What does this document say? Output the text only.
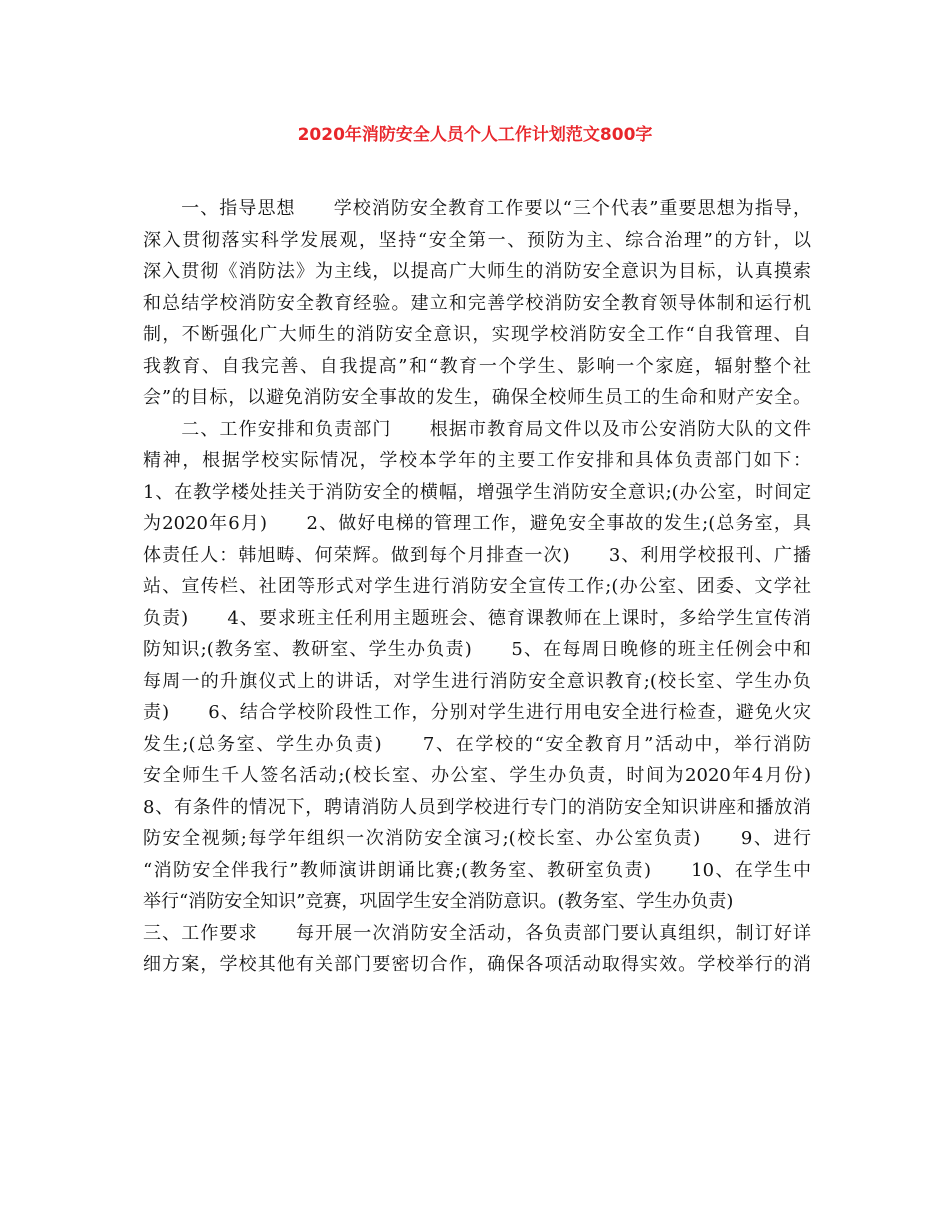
2020年消防安全人员个人工作计划范文800字
　　一、指导思想　　学校消防安全教育工作要以“三个代表”重要思想为指导，
深入贯彻落实科学发展观，坚持“安全第一、预防为主、综合治理”的方针，以
深入贯彻《消防法》为主线，以提高广大师生的消防安全意识为目标，认真摸索
和总结学校消防安全教育经验。建立和完善学校消防安全教育领导体制和运行机
制，不断强化广大师生的消防安全意识，实现学校消防安全工作“自我管理、自
我教育、自我完善、自我提高”和“教育一个学生、影响一个家庭，辐射整个社
会”的目标，以避免消防安全事故的发生，确保全校师生员工的生命和财产安全。
　　二、工作安排和负责部门　　根据市教育局文件以及市公安消防大队的文件
精神，根据学校实际情况，学校本学年的主要工作安排和具体负责部门如下：
1、在教学楼处挂关于消防安全的横幅，增强学生消防安全意识;(办公室，时间定
为2020年6月)　　2、做好电梯的管理工作，避免安全事故的发生;(总务室，具
体责任人：韩旭畴、何荣辉。做到每个月排查一次)　　3、利用学校报刊、广播
站、宣传栏、社团等形式对学生进行消防安全宣传工作;(办公室、团委、文学社
负责)　　4、要求班主任利用主题班会、德育课教师在上课时，多给学生宣传消
防知识;(教务室、教研室、学生办负责)　　5、在每周日晚修的班主任例会中和
每周一的升旗仪式上的讲话，对学生进行消防安全意识教育;(校长室、学生办负
责)　　6、结合学校阶段性工作，分别对学生进行用电安全进行检查，避免火灾
发生;(总务室、学生办负责)　　7、在学校的“安全教育月”活动中，举行消防
安全师生千人签名活动;(校长室、办公室、学生办负责，时间为2020年4月份)
8、有条件的情况下，聘请消防人员到学校进行专门的消防安全知识讲座和播放消
防安全视频;每学年组织一次消防安全演习;(校长室、办公室负责)　　9、进行
“消防安全伴我行”教师演讲朗诵比赛;(教务室、教研室负责)　　10、在学生中
举行“消防安全知识”竞赛，巩固学生安全消防意识。(教务室、学生办负责)
三、工作要求　　每开展一次消防安全活动，各负责部门要认真组织，制订好详
细方案，学校其他有关部门要密切合作，确保各项活动取得实效。学校举行的消
